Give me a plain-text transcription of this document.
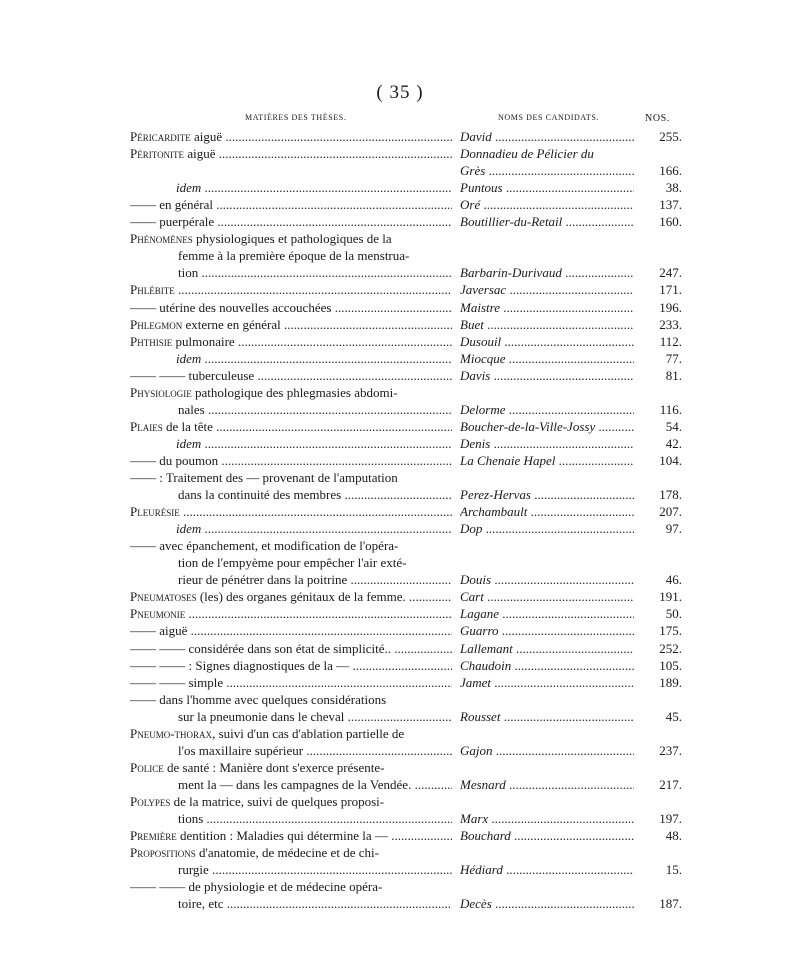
( 35 )
MATIÈRES DES THÈSES.	NOMS DES CANDIDATS.	NOS.
Péricardite aiguë .....	David .....	255.
Péritonite aiguë .....	Donnadieu de Pélicier du
Grès .....	166.
idem .....	Puntous .....	38.
—— en général .....	Oré .....	137.
—— puerpérale .....	Boutillier-du-Retail .....	160.
Phénomènes physiologiques et pathologiques de la
femme à la première époque de la menstrua-
tion .....	Barbarin-Durivaud .....	247.
Phlébite .....	Javersac .....	171.
—— utérine des nouvelles accouchées .....	Maistre .....	196.
Phlegmon externe en général .....	Buet .....	233.
Phthisie pulmonaire .....	Dusouil .....	112.
idem .....	Miocque .....	77.
—— —— tuberculeuse .....	Davis .....	81.
Physiologie pathologique des phlegmasies abdomi-
nales .....	Delorme .....	116.
Plaies de la tête .....	Boucher-de-la-Ville-Jossy .....	54.
idem .....	Denis .....	42.
—— du poumon .....	La Chenaie Hapel .....	104.
—— : Traitement des — provenant de l'amputation
dans la continuité des membres .....	Perez-Hervas .....	178.
Pleurésie .....	Archambault .....	207.
idem .....	Dop .....	97.
—— avec épanchement, et modification de l'opéra-
tion de l'empyème pour empêcher l'air exté-
rieur de pénétrer dans la poitrine .....	Douis .....	46.
Pneumatoses (les) des organes génitaux de la femme. .....	Cart .....	191.
Pneumonie .....	Lagane .....	50.
—— aiguë .....	Guarro .....	175.
—— —— considérée dans son état de simplicité.. .....	Lallemant .....	252.
—— —— : Signes diagnostiques de la — .....	Chaudoin .....	105.
—— —— simple .....	Jamet .....	189.
—— dans l'homme avec quelques considérations
sur la pneumonie dans le cheval .....	Rousset .....	45.
Pneumo-thorax, suivi d'un cas d'ablation partielle de
l'os maxillaire supérieur .....	Gajon .....	237.
Police de santé : Manière dont s'exerce présente-
ment la — dans les campagnes de la Vendée. .....	Mesnard .....	217.
Polypes de la matrice, suivi de quelques proposi-
tions .....	Marx .....	197.
Première dentition : Maladies qui détermine la — .....	Bouchard .....	48.
Propositions d'anatomie, de médecine et de chi-
rurgie .....	Hédiard .....	15.
—— —— de physiologie et de médecine opéra-
toire, etc .....	Decès .....	187.
